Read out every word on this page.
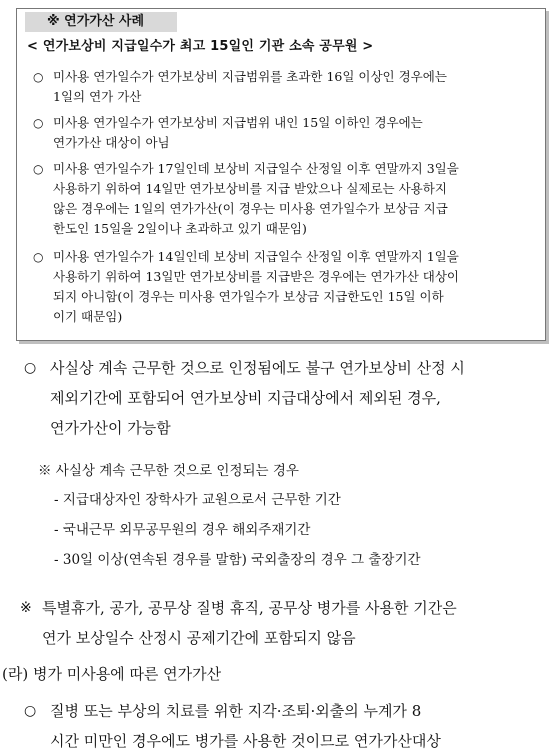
※ 연가가산 사례
< 연가보상비 지급일수가 최고 15일인 기관 소속 공무원 >
○ 미사용 연가일수가 연가보상비 지급범위를 초과한 16일 이상인 경우에는
1일의 연가 가산
○ 미사용 연가일수가 연가보상비 지급범위 내인 15일 이하인 경우에는
연가가산 대상이 아님
○ 미사용 연가일수가 17일인데 보상비 지급일수 산정일 이후 연말까지 3일을
사용하기 위하여 14일만 연가보상비를 지급 받았으나 실제로는 사용하지
않은 경우에는 1일의 연가가산(이 경우는 미사용 연가일수가 보상금 지급
한도인 15일을 2일이나 초과하고 있기 때문임)
○ 미사용 연가일수가 14일인데 보상비 지급일수 산정일 이후 연말까지 1일을
사용하기 위하여 13일만 연가보상비를 지급받은 경우에는 연가가산 대상이
되지 아니함(이 경우는 미사용 연가일수가 보상금 지급한도인 15일 이하
이기 때문임)
○ 사실상 계속 근무한 것으로 인정됨에도 불구 연가보상비 산정 시
제외기간에 포함되어 연가보상비 지급대상에서 제외된 경우,
연가가산이 가능함
※ 사실상 계속 근무한 것으로 인정되는 경우
- 지급대상자인 장학사가 교원으로서 근무한 기간
- 국내근무 외무공무원의 경우 해외주재기간
- 30일 이상(연속된 경우를 말함) 국외출장의 경우 그 출장기간
※ 특별휴가, 공가, 공무상 질병 휴직, 공무상 병가를 사용한 기간은
연가 보상일수 산정시 공제기간에 포함되지 않음
(라) 병가 미사용에 따른 연가가산
○ 질병 또는 부상의 치료를 위한 지각·조퇴·외출의 누계가 8
시간 미만인 경우에도 병가를 사용한 것이므로 연가가산대상
